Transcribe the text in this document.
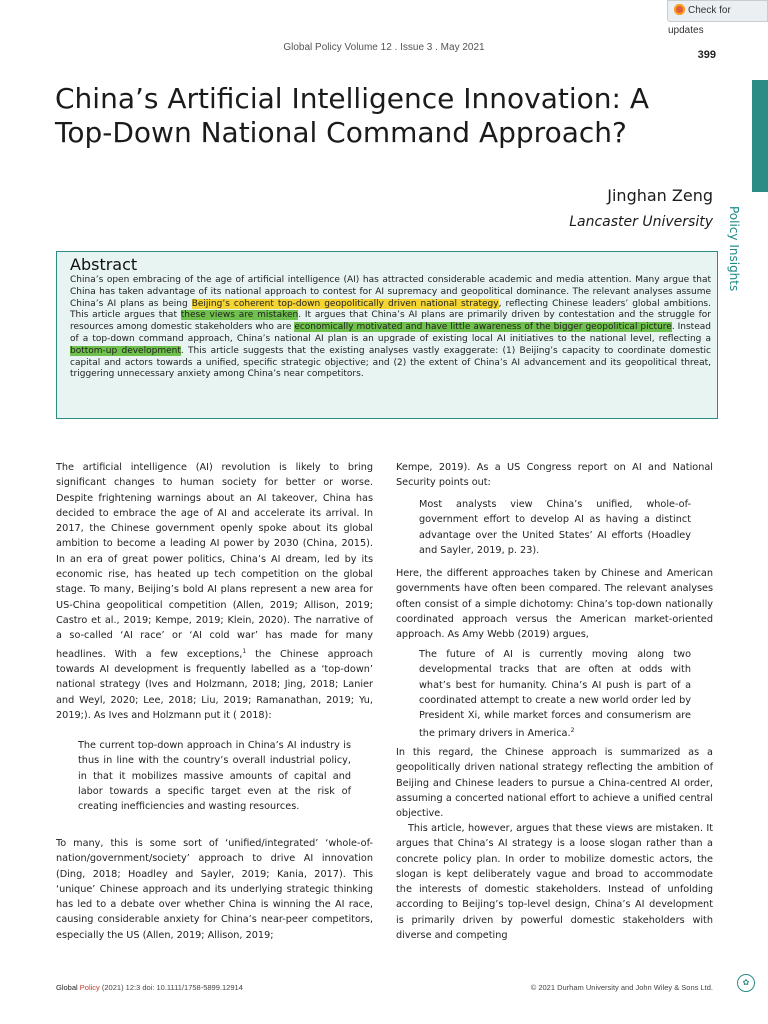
Check for updates
Global Policy Volume 12 . Issue 3 . May 2021
399
Policy Insights
China’s Artificial Intelligence Innovation: A Top-Down National Command Approach?
Jinghan Zeng
Lancaster University
Abstract
China’s open embracing of the age of artificial intelligence (AI) has attracted considerable academic and media attention. Many argue that China has taken advantage of its national approach to contest for AI supremacy and geopolitical dominance. The relevant analyses assume China’s AI plans as being Beijing’s coherent top-down geopolitically driven national strategy, reflecting Chinese leaders’ global ambitions. This article argues that these views are mistaken. It argues that China’s AI plans are primarily driven by contestation and the struggle for resources among domestic stakeholders who are economically motivated and have little awareness of the bigger geopolitical picture. Instead of a top-down command approach, China’s national AI plan is an upgrade of existing local AI initiatives to the national level, reflecting a bottom-up development. This article suggests that the existing analyses vastly exaggerate: (1) Beijing’s capacity to coordinate domestic capital and actors towards a unified, specific strategic objective; and (2) the extent of China’s AI advancement and its geopolitical threat, triggering unnecessary anxiety among China’s near competitors.
The artificial intelligence (AI) revolution is likely to bring significant changes to human society for better or worse. Despite frightening warnings about an AI takeover, China has decided to embrace the age of AI and accelerate its arrival. In 2017, the Chinese government openly spoke about its global ambition to become a leading AI power by 2030 (China, 2015). In an era of great power politics, China’s AI dream, led by its economic rise, has heated up tech competition on the global stage. To many, Beijing’s bold AI plans represent a new area for US-China geopolitical competition (Allen, 2019; Allison, 2019; Castro et al., 2019; Kempe, 2019; Klein, 2020). The narrative of a so-called ‘AI race’ or ‘AI cold war’ has made for many headlines. With a few exceptions,$^1$ the Chinese approach towards AI development is frequently labelled as a ‘top-down’ national strategy (Ives and Holzmann, 2018; Jing, 2018; Lanier and Weyl, 2020; Lee, 2018; Liu, 2019; Ramanathan, 2019; Yu, 2019;). As Ives and Holzmann put it ( 2018):
The current top-down approach in China’s AI industry is thus in line with the country’s overall industrial policy, in that it mobilizes massive amounts of capital and labor towards a specific target even at the risk of creating inefficiencies and wasting resources.
To many, this is some sort of ‘unified/integrated’ ‘whole-of-nation/government/society’ approach to drive AI innovation (Ding, 2018; Hoadley and Sayler, 2019; Kania, 2017). This ‘unique’ Chinese approach and its underlying strategic thinking has led to a debate over whether China is winning the AI race, causing considerable anxiety for China’s near-peer competitors, especially the US (Allen, 2019; Allison, 2019;
Kempe, 2019). As a US Congress report on AI and National Security points out:
Most analysts view China’s unified, whole-of-government effort to develop AI as having a distinct advantage over the United States’ AI efforts (Hoadley and Sayler, 2019, p. 23).
Here, the different approaches taken by Chinese and American governments have often been compared. The relevant analyses often consist of a simple dichotomy: China’s top-down nationally coordinated approach versus the American market-oriented approach. As Amy Webb (2019) argues,
The future of AI is currently moving along two developmental tracks that are often at odds with what’s best for humanity. China’s AI push is part of a coordinated attempt to create a new world order led by President Xi, while market forces and consumerism are the primary drivers in America.$^2$
In this regard, the Chinese approach is summarized as a geopolitically driven national strategy reflecting the ambition of Beijing and Chinese leaders to pursue a China-centred AI order, assuming a concerted national effort to achieve a unified central objective.
This article, however, argues that these views are mistaken. It argues that China’s AI strategy is a loose slogan rather than a concrete policy plan. In order to mobilize domestic actors, the slogan is kept deliberately vague and broad to accommodate the interests of domestic stakeholders. Instead of unfolding according to Beijing’s top-level design, China’s AI development is primarily driven by powerful domestic stakeholders with diverse and competing
Global Policy (2021) 12:3 doi: 10.1111/1758-5899.12914	© 2021 Durham University and John Wiley & Sons Ltd.
✿
